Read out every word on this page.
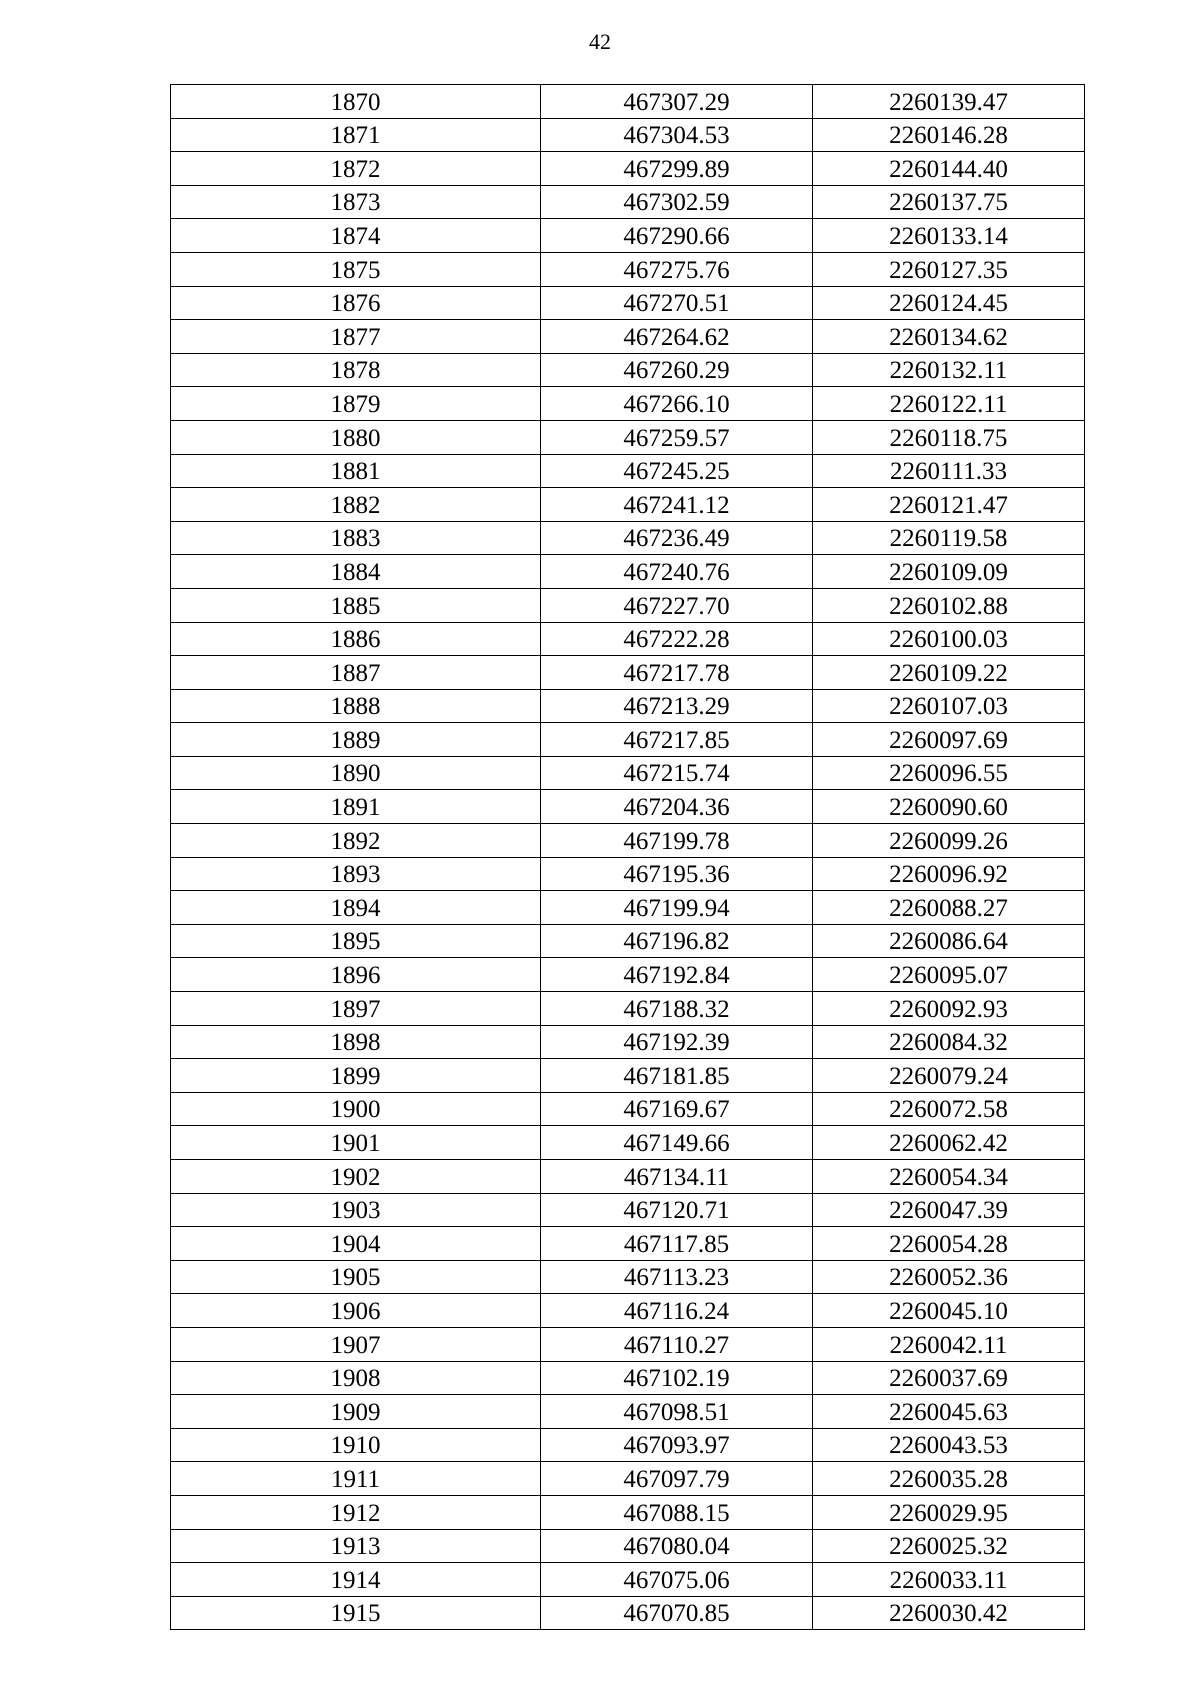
42
1870	467307.29	2260139.47
1871	467304.53	2260146.28
1872	467299.89	2260144.40
1873	467302.59	2260137.75
1874	467290.66	2260133.14
1875	467275.76	2260127.35
1876	467270.51	2260124.45
1877	467264.62	2260134.62
1878	467260.29	2260132.11
1879	467266.10	2260122.11
1880	467259.57	2260118.75
1881	467245.25	2260111.33
1882	467241.12	2260121.47
1883	467236.49	2260119.58
1884	467240.76	2260109.09
1885	467227.70	2260102.88
1886	467222.28	2260100.03
1887	467217.78	2260109.22
1888	467213.29	2260107.03
1889	467217.85	2260097.69
1890	467215.74	2260096.55
1891	467204.36	2260090.60
1892	467199.78	2260099.26
1893	467195.36	2260096.92
1894	467199.94	2260088.27
1895	467196.82	2260086.64
1896	467192.84	2260095.07
1897	467188.32	2260092.93
1898	467192.39	2260084.32
1899	467181.85	2260079.24
1900	467169.67	2260072.58
1901	467149.66	2260062.42
1902	467134.11	2260054.34
1903	467120.71	2260047.39
1904	467117.85	2260054.28
1905	467113.23	2260052.36
1906	467116.24	2260045.10
1907	467110.27	2260042.11
1908	467102.19	2260037.69
1909	467098.51	2260045.63
1910	467093.97	2260043.53
1911	467097.79	2260035.28
1912	467088.15	2260029.95
1913	467080.04	2260025.32
1914	467075.06	2260033.11
1915	467070.85	2260030.42
